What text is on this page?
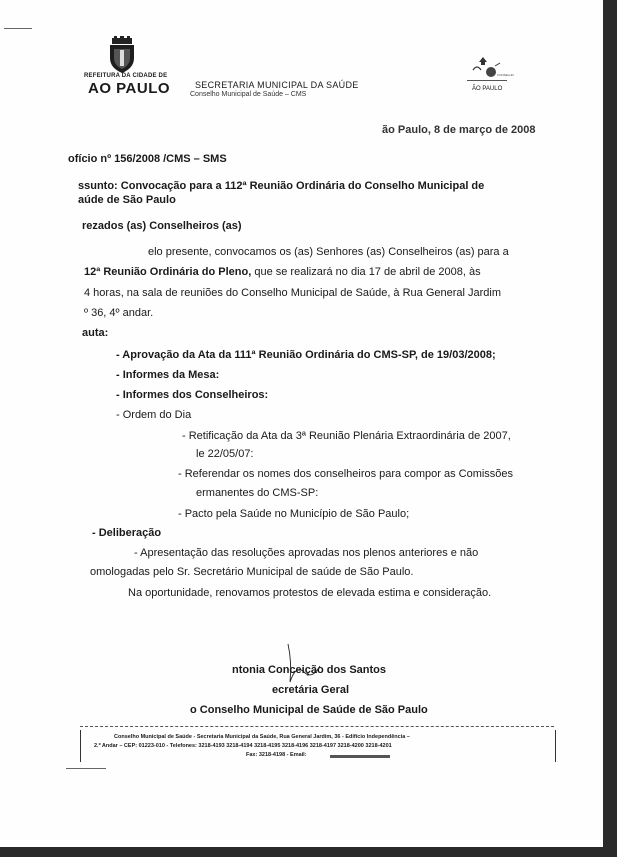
REFEITURA DA CIDADE DE
AO PAULO	SECRETARIA MUNICIPAL DA SAÚDE
Conselho Municipal de Saúde – CMS
CONSELHO
ÃO PAULO
ão Paulo, 8 de março de 2008
ofício nº 156/2008 /CMS – SMS
ssunto: Convocação para a 112ª Reunião Ordinária do Conselho Municipal de
aúde de São Paulo
rezados (as) Conselheiros (as)
elo presente, convocamos os (as) Senhores (as) Conselheiros (as) para a
12ª Reunião Ordinária do Pleno, que se realizará no dia 17 de abril de 2008, às
4 horas, na sala de reuniões do Conselho Municipal de Saúde, à Rua General Jardim
º 36, 4º andar.
auta:
- Aprovação da Ata da 111ª Reunião Ordinária do CMS-SP, de 19/03/2008;
- Informes da Mesa:
- Informes dos Conselheiros:
- Ordem do Dia
- Retificação da Ata da 3ª Reunião Plenária Extraordinária de 2007,
le 22/05/07:
- Referendar os nomes dos conselheiros para compor as Comissões
ermanentes do CMS-SP:
- Pacto pela Saúde no Município de São Paulo;
- Deliberação
- Apresentação das resoluções aprovadas nos plenos anteriores e não
omologadas pelo Sr. Secretário Municipal de saúde de São Paulo.
Na oportunidade, renovamos protestos de elevada estima e consideração.
ntonia Conceição dos Santos
ecretária Geral
o Conselho Municipal de Saúde de São Paulo
Conselho Municipal de Saúde - Secretaria Municipal da Saúde, Rua General Jardim, 36 - Edifício Independência –
2.º Andar – CEP: 01223-010 - Telefones: 3218-4193 3218-4194 3218-4195 3218-4196 3218-4197 3218-4200 3218-4201
Fax: 3218-4198 - Email:
